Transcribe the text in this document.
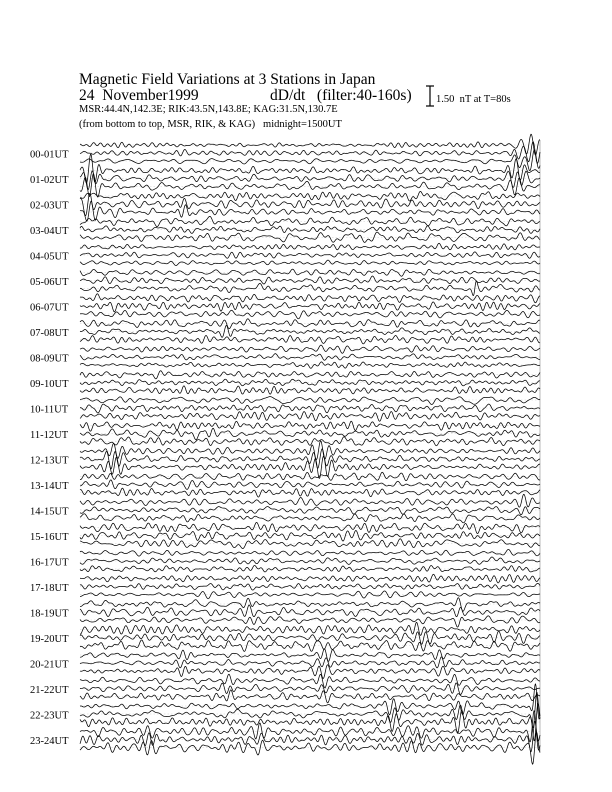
Magnetic Field Variations at 3 Stations in Japan

24  November1999

	dD/dt   (filter:40-160s)

MSR:44.4N,142.3E; RIK:43.5N,143.8E; KAG:31.5N,130.7E
(from bottom to top, MSR, RIK, & KAG)   midnight=1500UT
1.50  nT at T=80s
00-01UT
01-02UT
02-03UT
03-04UT
04-05UT
05-06UT
06-07UT
07-08UT
08-09UT
09-10UT
10-11UT
11-12UT
12-13UT
13-14UT
14-15UT
15-16UT
16-17UT
17-18UT
18-19UT
19-20UT
20-21UT
21-22UT
22-23UT
23-24UT
